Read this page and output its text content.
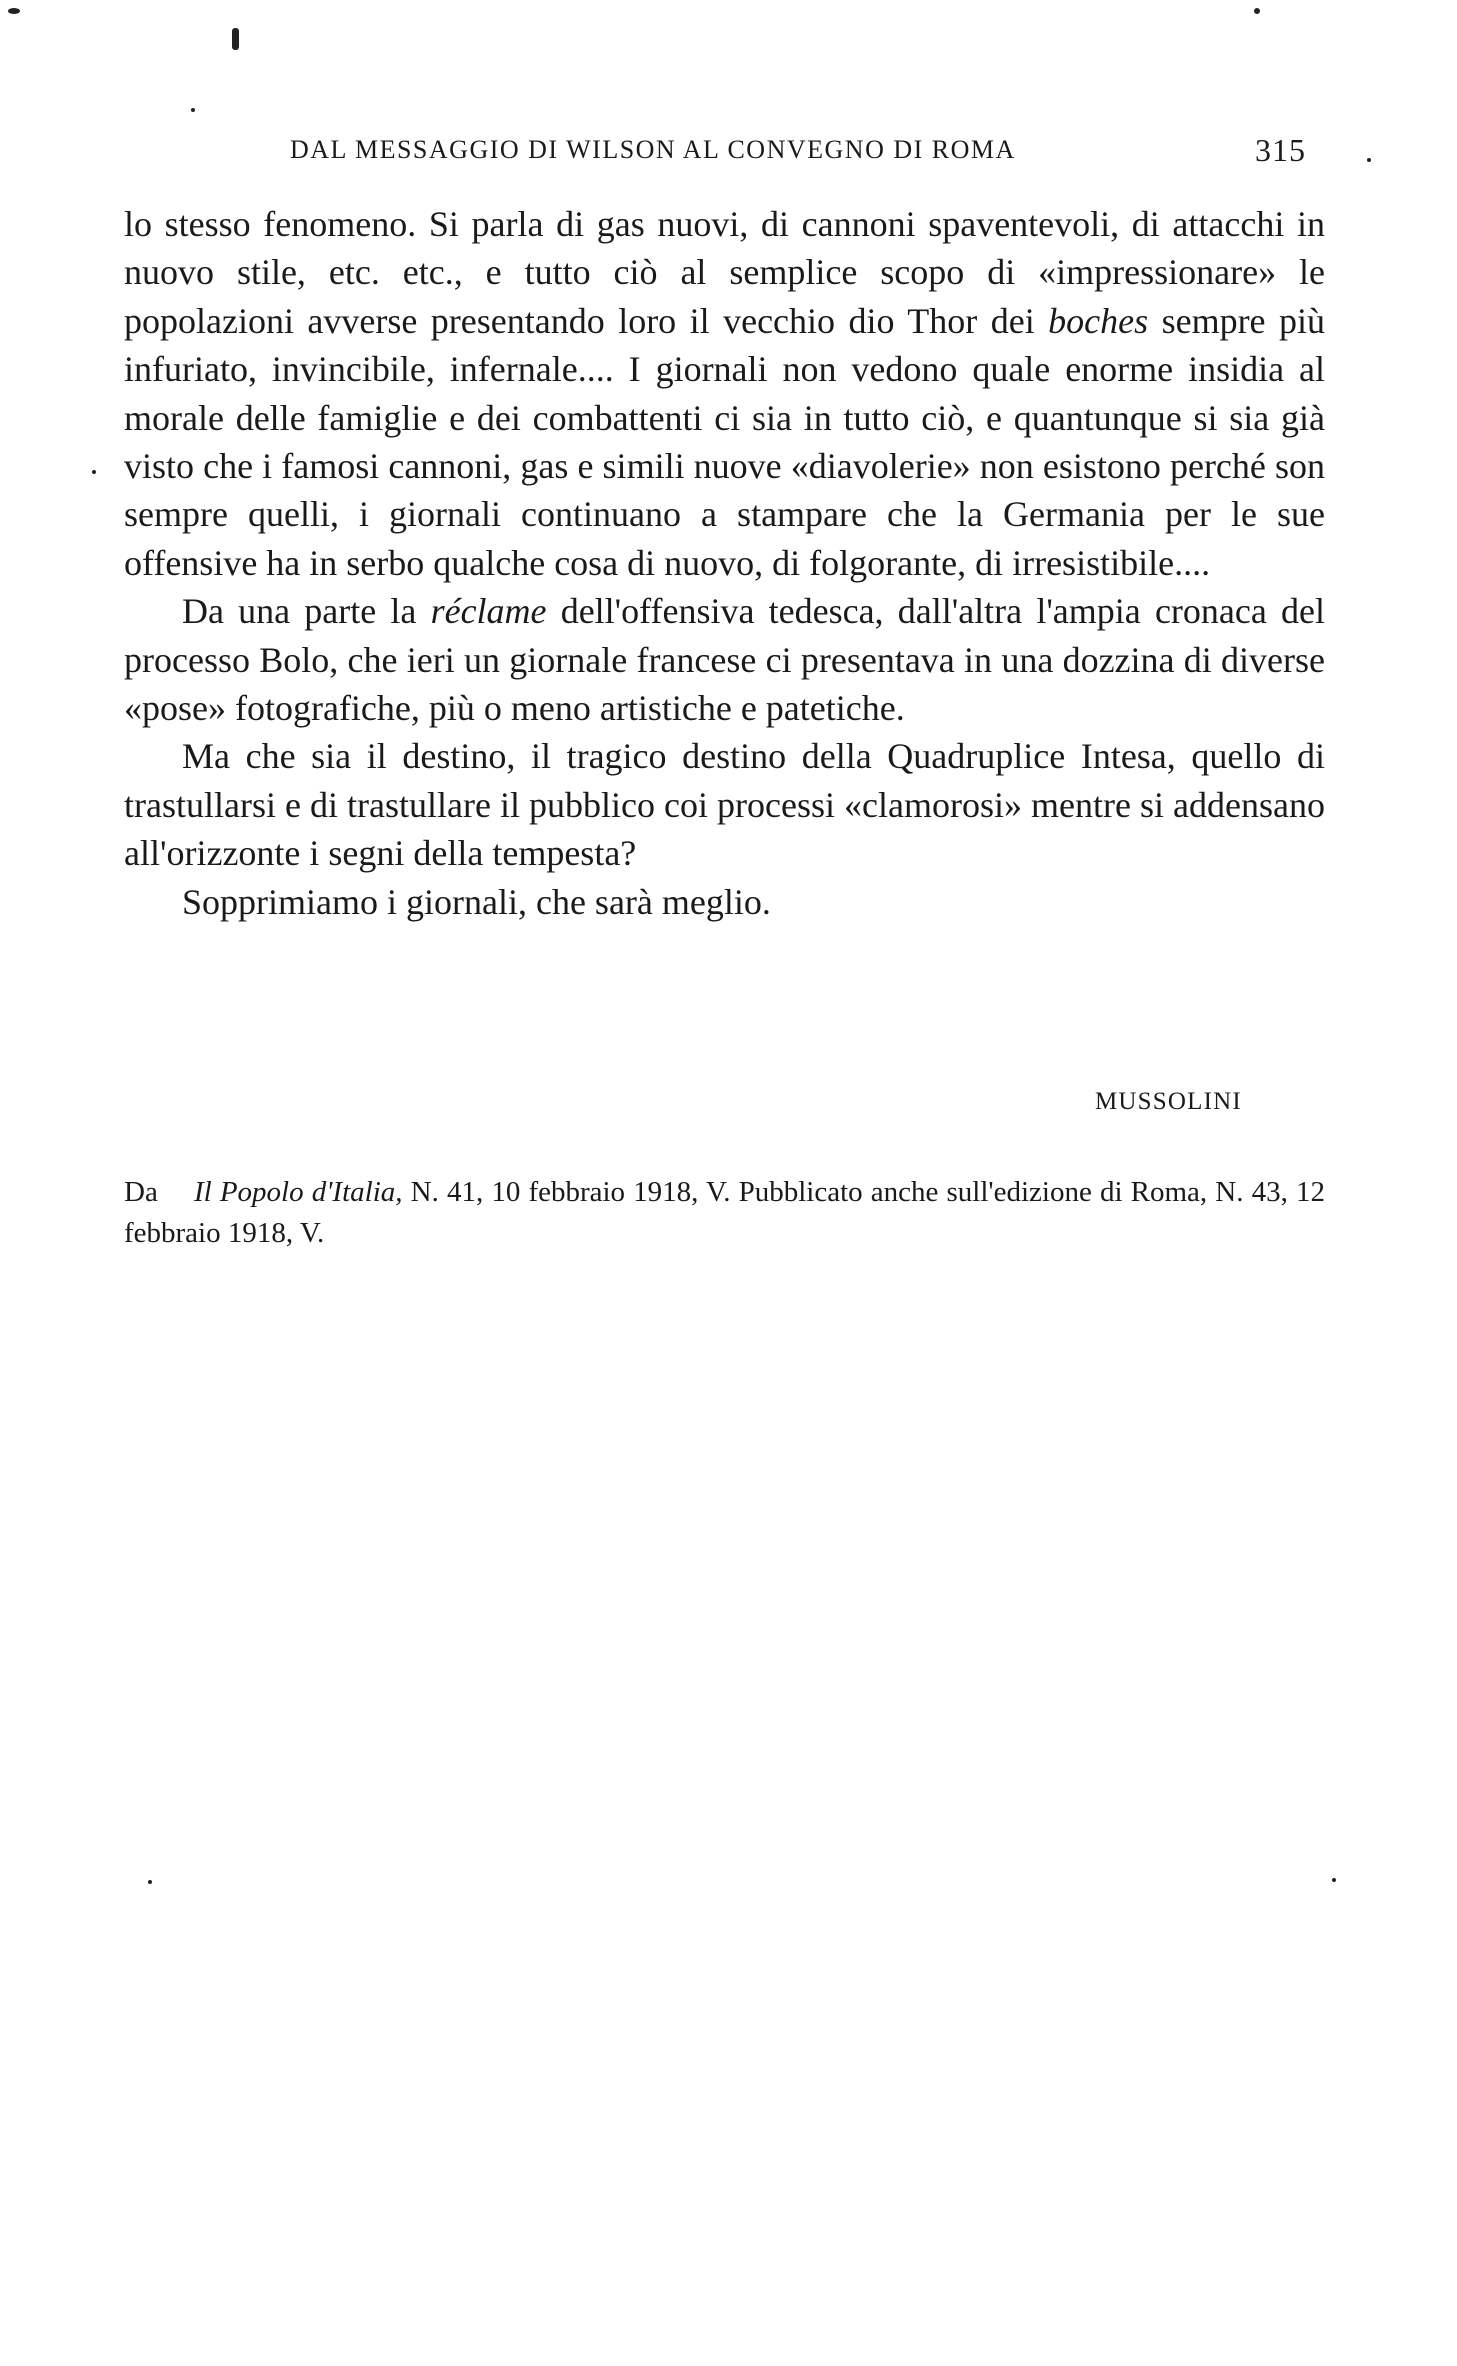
DAL MESSAGGIO DI WILSON AL CONVEGNO DI ROMA	315

lo stesso fenomeno. Si parla di gas nuovi, di cannoni spaventevoli, di attacchi in nuovo stile, etc. etc., e tutto ciò al semplice scopo di «impressionare» le popolazioni avverse presentando loro il vecchio dio Thor dei boches sempre più infuriato, invincibile, infernale.... I giornali non vedono quale enorme insidia al morale delle famiglie e dei combattenti ci sia in tutto ciò, e quantunque si sia già visto che i famosi cannoni, gas e simili nuove «diavolerie» non esistono perché son sempre quelli, i giornali continuano a stampare che la Germania per le sue offensive ha in serbo qualche cosa di nuovo, di folgorante, di irresistibile....

Da una parte la réclame dell'offensiva tedesca, dall'altra l'ampia cronaca del processo Bolo, che ieri un giornale francese ci presentava in una dozzina di diverse «pose» fotografiche, più o meno artistiche e patetiche.

Ma che sia il destino, il tragico destino della Quadruplice Intesa, quello di trastullarsi e di trastullare il pubblico coi processi «clamorosi» mentre si addensano all'orizzonte i segni della tempesta?

Sopprimiamo i giornali, che sarà meglio.

MUSSOLINI
Da Il Popolo d'Italia, N. 41, 10 febbraio 1918, V. Pubblicato anche sull'edizione di Roma, N. 43, 12 febbraio 1918, V.
